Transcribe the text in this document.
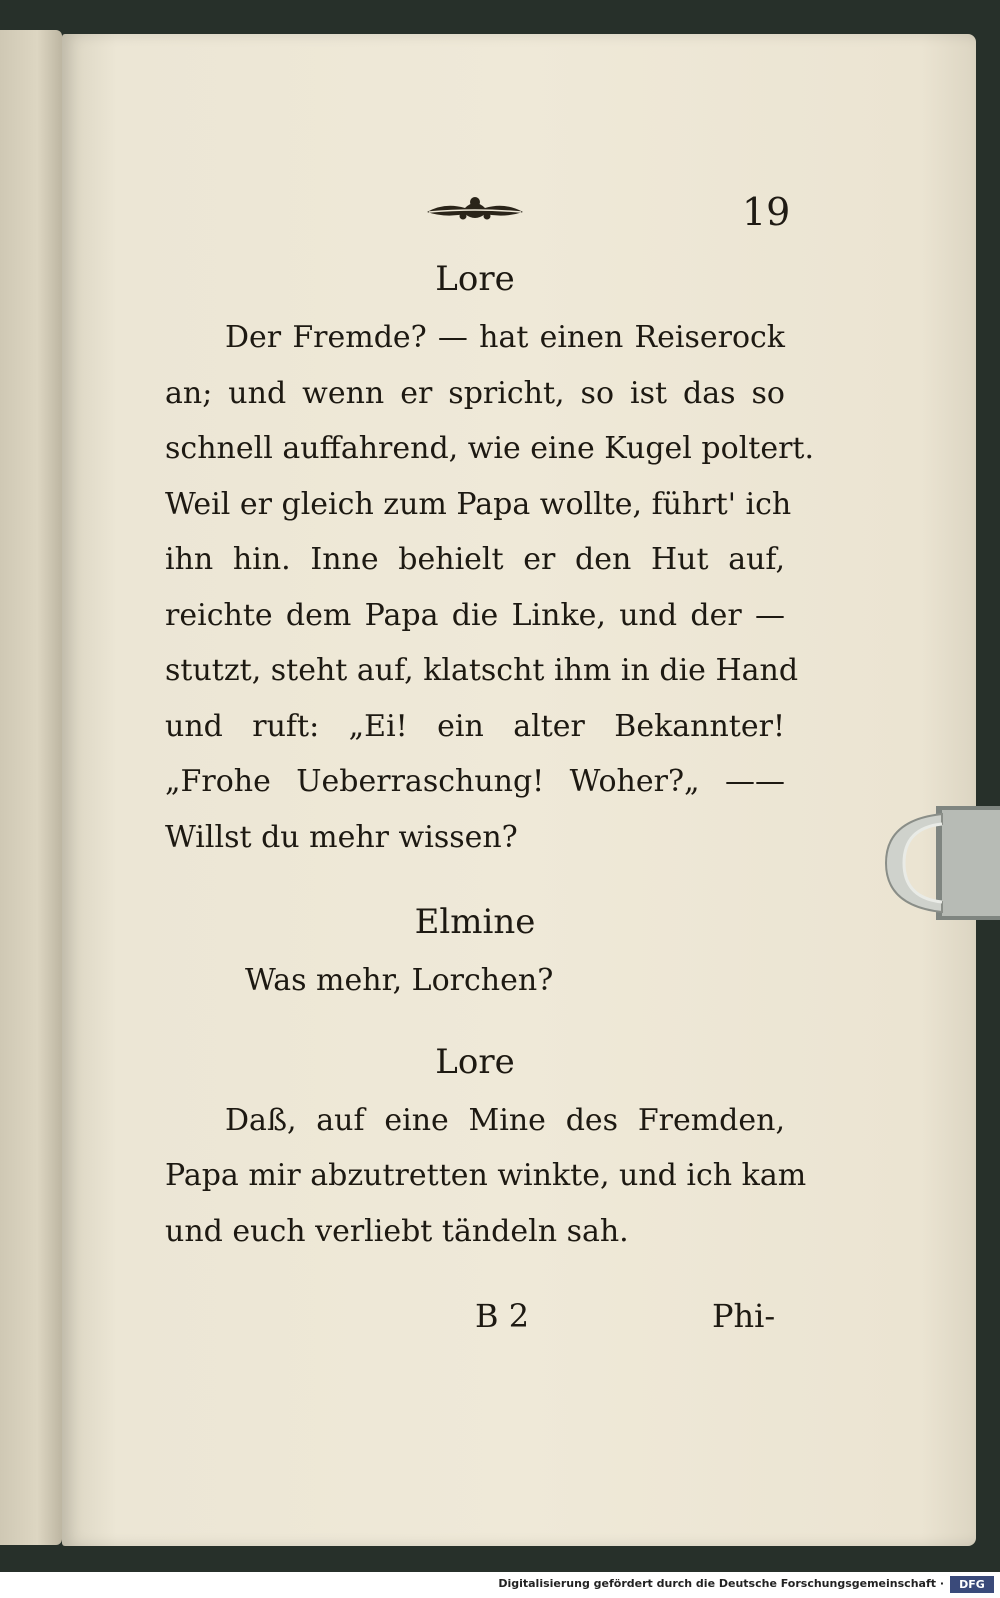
19
Lore
Der Fremde? — hat einen Reiserock
an; und wenn er spricht, so ist das so
schnell auffahrend, wie eine Kugel poltert.
Weil er gleich zum Papa wollte, führt' ich
ihn hin. Inne behielt er den Hut auf,
reichte dem Papa die Linke, und der —
stutzt, steht auf, klatscht ihm in die Hand
und ruft: „Ei! ein alter Bekannter!
„Frohe Ueberraschung! Woher?„ ——
Willst du mehr wissen?
Elmine
Was mehr, Lorchen?
Lore
Daß, auf eine Mine des Fremden,
Papa mir abzutretten winkte, und ich kam
und euch verliebt tändeln sah.
B 2	Phi-
Digitalisierung gefördert durch die Deutsche Forschungsgemeinschaft ·	DFG
